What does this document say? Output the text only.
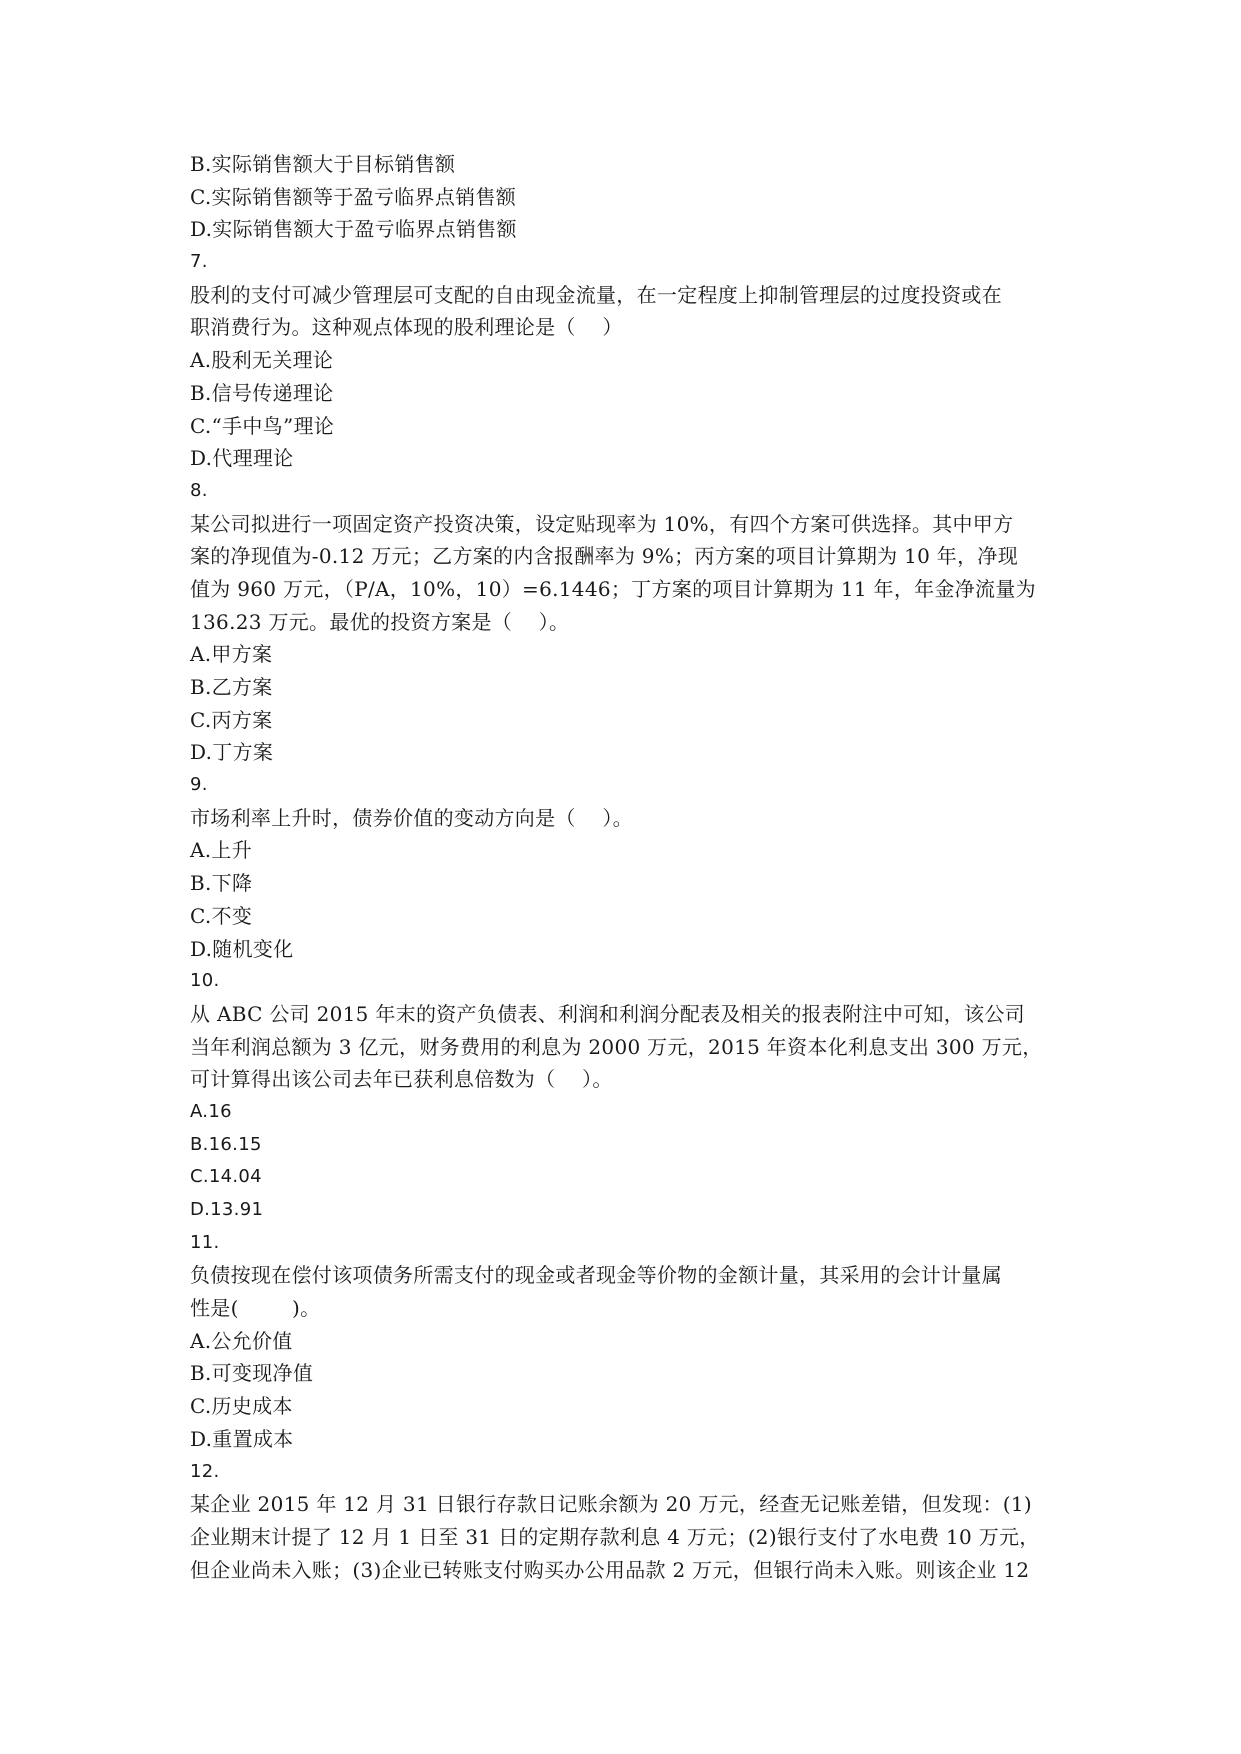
B.实际销售额大于目标销售额
C.实际销售额等于盈亏临界点销售额
D.实际销售额大于盈亏临界点销售额
7.
股利的支付可减少管理层可支配的自由现金流量，在一定程度上抑制管理层的过度投资或在
职消费行为。这种观点体现的股利理论是（    ）
A.股利无关理论
B.信号传递理论
C.“手中鸟”理论
D.代理理论
8.
某公司拟进行一项固定资产投资决策，设定贴现率为 10%，有四个方案可供选择。其中甲方
案的净现值为-0.12 万元；乙方案的内含报酬率为 9%；丙方案的项目计算期为 10 年，净现
值为 960 万元，（P/A，10%，10）=6.1446；丁方案的项目计算期为 11 年，年金净流量为
136.23 万元。最优的投资方案是（    ）。
A.甲方案
B.乙方案
C.丙方案
D.丁方案
9.
市场利率上升时，债券价值的变动方向是（    ）。
A.上升
B.下降
C.不变
D.随机变化
10.
从 ABC 公司 2015 年末的资产负债表、利润和利润分配表及相关的报表附注中可知，该公司
当年利润总额为 3 亿元，财务费用的利息为 2000 万元，2015 年资本化利息支出 300 万元，
可计算得出该公司去年已获利息倍数为（    ）。
A.16
B.16.15
C.14.04
D.13.91
11.
负债按现在偿付该项债务所需支付的现金或者现金等价物的金额计量，其采用的会计计量属
性是(        )。
A.公允价值
B.可变现净值
C.历史成本
D.重置成本
12.
某企业 2015 年 12 月 31 日银行存款日记账余额为 20 万元，经查无记账差错，但发现：(1)
企业期末计提了 12 月 1 日至 31 日的定期存款利息 4 万元；(2)银行支付了水电费 10 万元，
但企业尚未入账；(3)企业已转账支付购买办公用品款 2 万元，但银行尚未入账。则该企业 12
